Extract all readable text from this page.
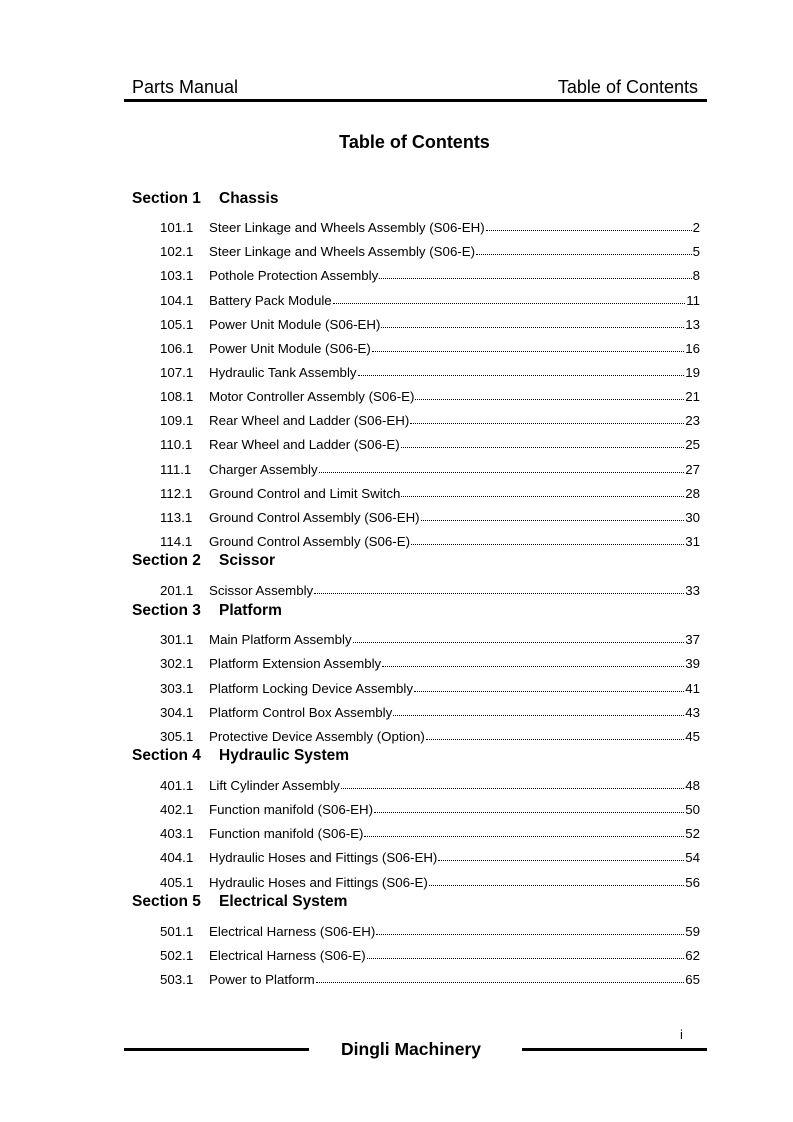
Parts Manual	Table of Contents
Table of Contents
Section 1	Chassis
101.1	Steer Linkage and Wheels Assembly (S06-EH)	2
102.1	Steer Linkage and Wheels Assembly (S06-E)	5
103.1	Pothole Protection Assembly	8
104.1	Battery Pack Module	11
105.1	Power Unit Module (S06-EH)	13
106.1	Power Unit Module (S06-E)	16
107.1	Hydraulic Tank Assembly	19
108.1	Motor Controller Assembly (S06-E)	21
109.1	Rear Wheel and Ladder (S06-EH)	23
110.1	Rear Wheel and Ladder (S06-E)	25
111.1	Charger Assembly	27
112.1	Ground Control and Limit Switch	28
113.1	Ground Control Assembly (S06-EH)	30
114.1	Ground Control Assembly (S06-E)	31
Section 2	Scissor
201.1	Scissor Assembly	33
Section 3	Platform
301.1	Main Platform Assembly	37
302.1	Platform Extension Assembly	39
303.1	Platform Locking Device Assembly	41
304.1	Platform Control Box Assembly	43
305.1	Protective Device Assembly (Option)	45
Section 4	Hydraulic System
401.1	Lift Cylinder Assembly	48
402.1	Function manifold (S06-EH)	50
403.1	Function manifold (S06-E)	52
404.1	Hydraulic Hoses and Fittings (S06-EH)	54
405.1	Hydraulic Hoses and Fittings (S06-E)	56
Section 5	Electrical System
501.1	Electrical Harness (S06-EH)	59
502.1	Electrical Harness (S06-E)	62
503.1	Power to Platform	65
i
Dingli Machinery
